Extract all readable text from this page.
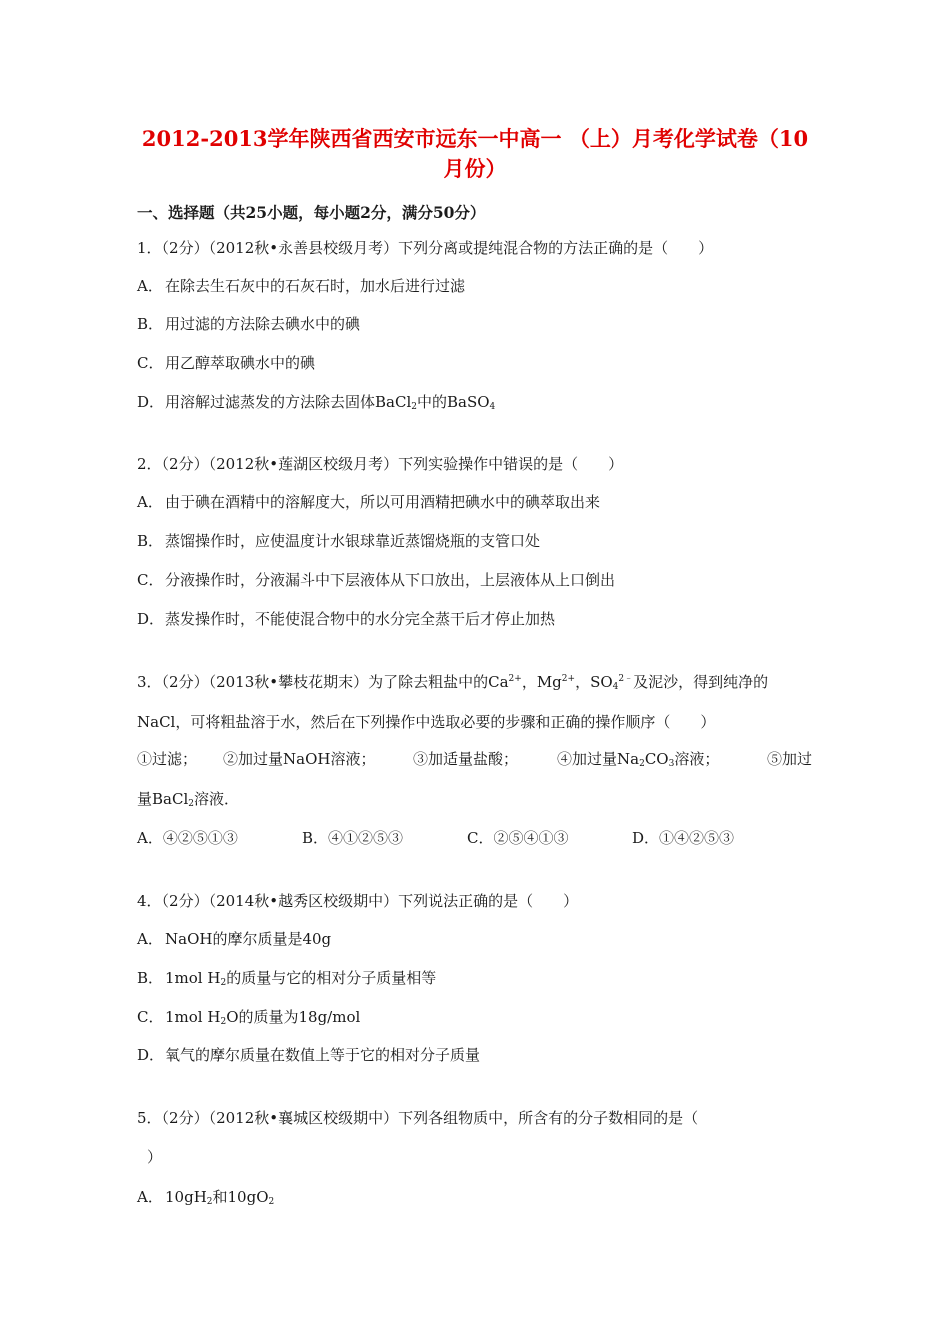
2012-2013学年陕西省西安市远东一中高一 （上）月考化学试卷（10
月份）
一、选择题（共25小题，每小题2分，满分50分）
1．（2分）（2012秋•永善县校级月考）下列分离或提纯混合物的方法正确的是（　　）
A． 在除去生石灰中的石灰石时，加水后进行过滤
B． 用过滤的方法除去碘水中的碘
C． 用乙醇萃取碘水中的碘
D．用溶解过滤蒸发的方法除去固体BaCl$_2$中的BaSO$_4$
2．（2分）（2012秋•莲湖区校级月考）下列实验操作中错误的是（　　）
A． 由于碘在酒精中的溶解度大，所以可用酒精把碘水中的碘萃取出来
B． 蒸馏操作时，应使温度计水银球靠近蒸馏烧瓶的支管口处
C． 分液操作时，分液漏斗中下层液体从下口放出，上层液体从上口倒出
D．蒸发操作时，不能使混合物中的水分完全蒸干后才停止加热
3．（2分）（2013秋•攀枝花期末）为了除去粗盐中的$Ca^{2+}$，$Mg^{2+}$，$SO_4^{2﹣}$及泥沙，得到纯净的
NaCl，可将粗盐溶于水，然后在下列操作中选取必要的步骤和正确的操作顺序（　　）
①过滤； ②加过量NaOH溶液；	③加适量盐酸；	④加过量$Na_2CO_3$溶液；	⑤加过
量BaCl$_2$溶液．
A．④②⑤①③	B．④①②⑤③	C．②⑤④①③	D．①④②⑤③
4．（2分）（2014秋•越秀区校级期中）下列说法正确的是（　　）
A． NaOH的摩尔质量是40g
B． 1mol $H_2$的质量与它的相对分子质量相等
C． 1mol $H_2O$的质量为18g/mol
D．氧气的摩尔质量在数值上等于它的相对分子质量
5．（2分）（2012秋•襄城区校级期中）下列各组物质中，所含有的分子数相同的是（
）
A． $10gH_2$和$10gO_2$
